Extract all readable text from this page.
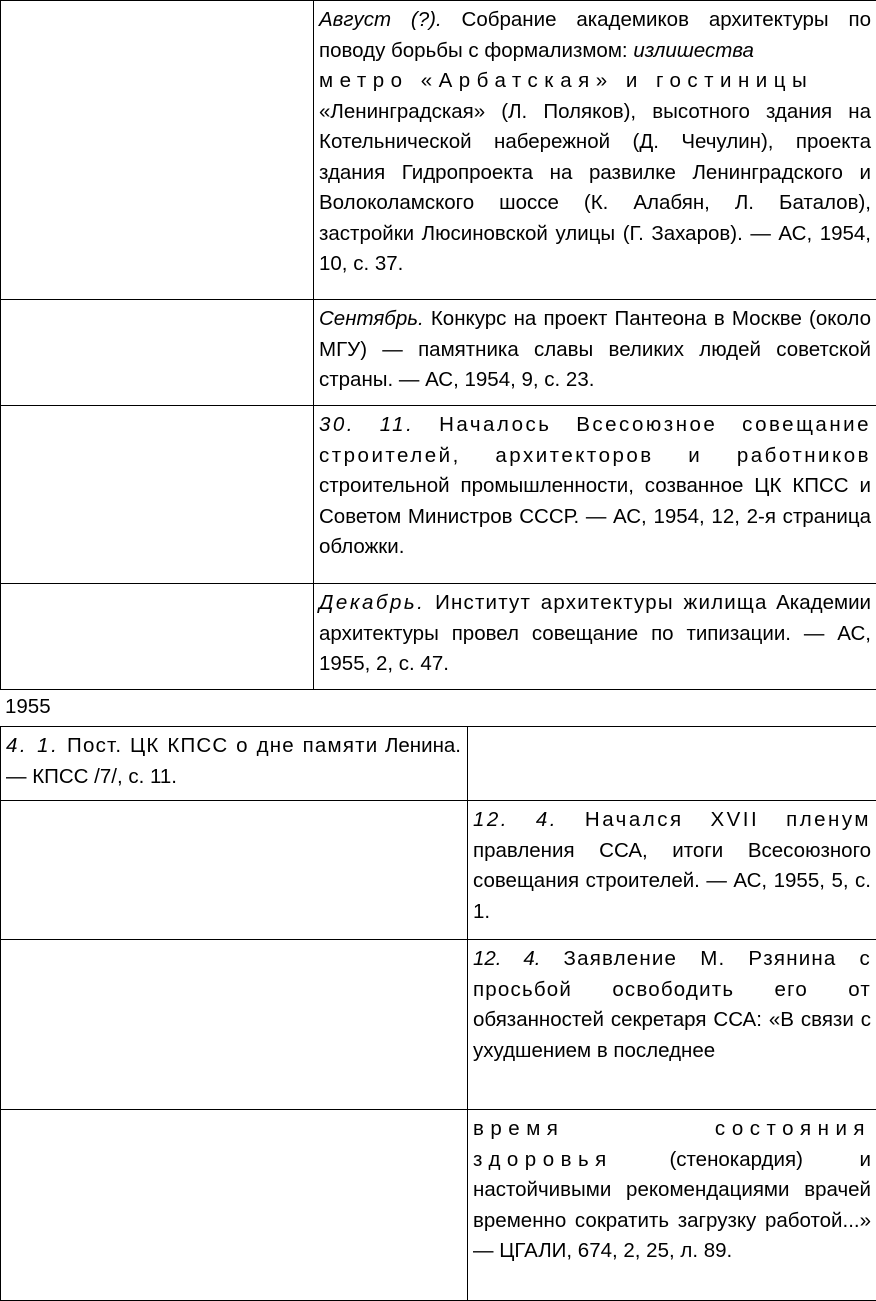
	Август (?). Собрание академиков архитектуры по поводу борьбы с формализмом: излишества
метро «Арбатская» и гостиницы
«Ленинградская» (Л. Поляков), высотного здания на Котельнической набережной (Д. Чечулин), проекта здания Гидропроекта на развилке Ленинградского и Волоколамского шоссе (К. Алабян, Л. Баталов), застройки Люсиновской улицы (Г. Захаров). — АС, 1954, 10, с. 37.
	Сентябрь. Конкурс на проект Пантеона в Москве (около МГУ) — памятника славы великих людей советской страны. — АС, 1954, 9, с. 23.
	30. 11. Началось Всесоюзное совещание строителей, архитекторов и работников строительной промышленности, созванное ЦК КПСС и Советом Министров СССР. — АС, 1954, 12, 2-я страница обложки.
	Декабрь. Институт архитектуры жилища Академии архитектуры провел совещание по типизации. — АС, 1955, 2, с. 47.
1955
4. 1. Пост. ЦК КПСС о дне памяти Ленина. — КПСС /7/, с. 11.	
	12. 4. Начался XVII пленум правления ССА, итоги Всесоюзного совещания строителей. — АС, 1955, 5, с. 1.
	12. 4. Заявление М. Рзянина с просьбой освободить его от обязанностей секретаря ССА: «В связи с ухудшением в последнее
	время состояния здоровья (стенокардия) и настойчивыми рекомендациями врачей временно сократить загрузку работой...» — ЦГАЛИ, 674, 2, 25, л. 89.
